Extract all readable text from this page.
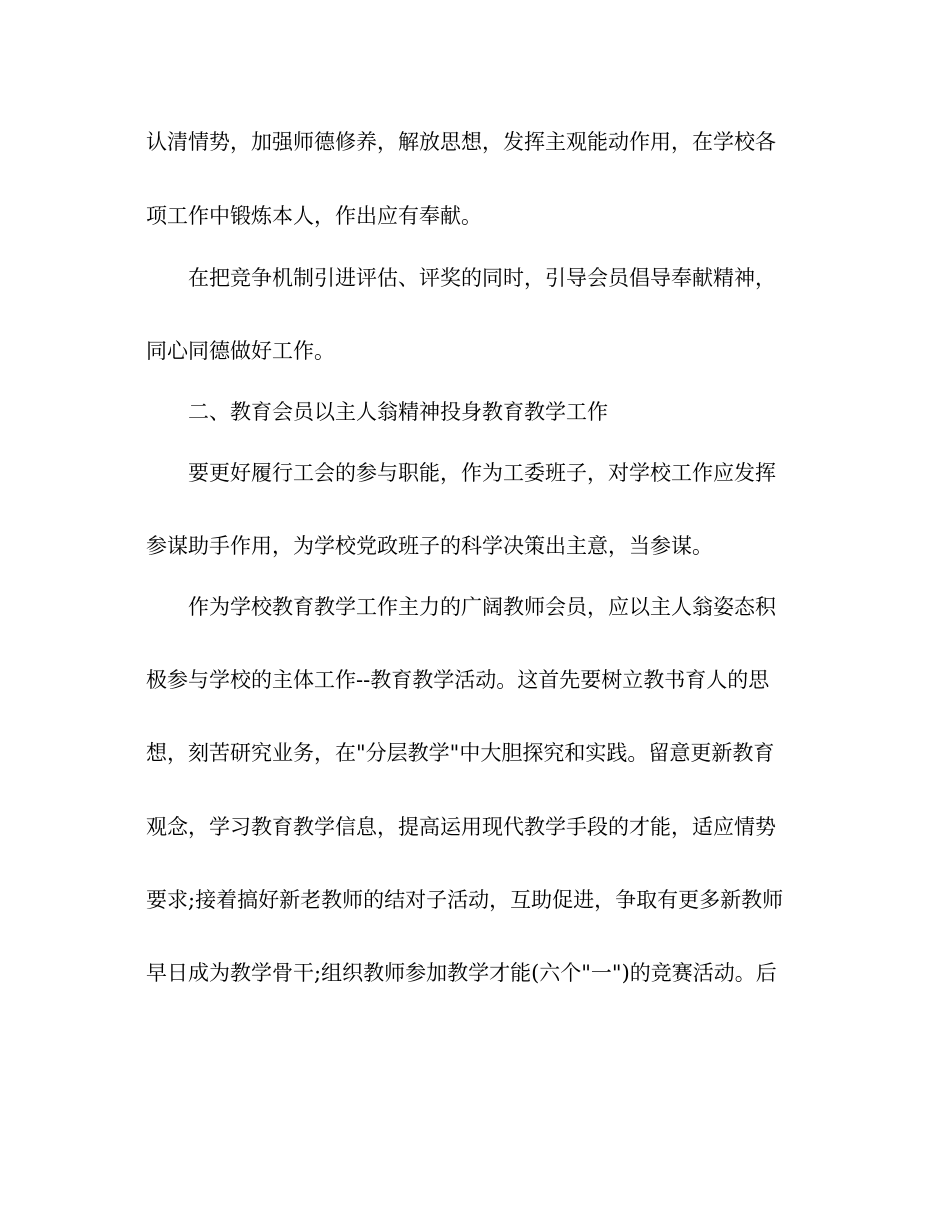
认清情势，加强师德修养，解放思想，发挥主观能动作用，在学校各

项工作中锻炼本人，作出应有奉献。

在把竞争机制引进评估、评奖的同时，引导会员倡导奉献精神，

同心同德做好工作。

二、教育会员以主人翁精神投身教育教学工作

要更好履行工会的参与职能，作为工委班子，对学校工作应发挥

参谋助手作用，为学校党政班子的科学决策出主意，当参谋。

作为学校教育教学工作主力的广阔教师会员，应以主人翁姿态积

极参与学校的主体工作--教育教学活动。这首先要树立教书育人的思

想，刻苦研究业务，在"分层教学"中大胆探究和实践。留意更新教育

观念，学习教育教学信息，提高运用现代教学手段的才能，适应情势

要求;接着搞好新老教师的结对子活动，互助促进，争取有更多新教师

早日成为教学骨干;组织教师参加教学才能(六个"一")的竞赛活动。后
